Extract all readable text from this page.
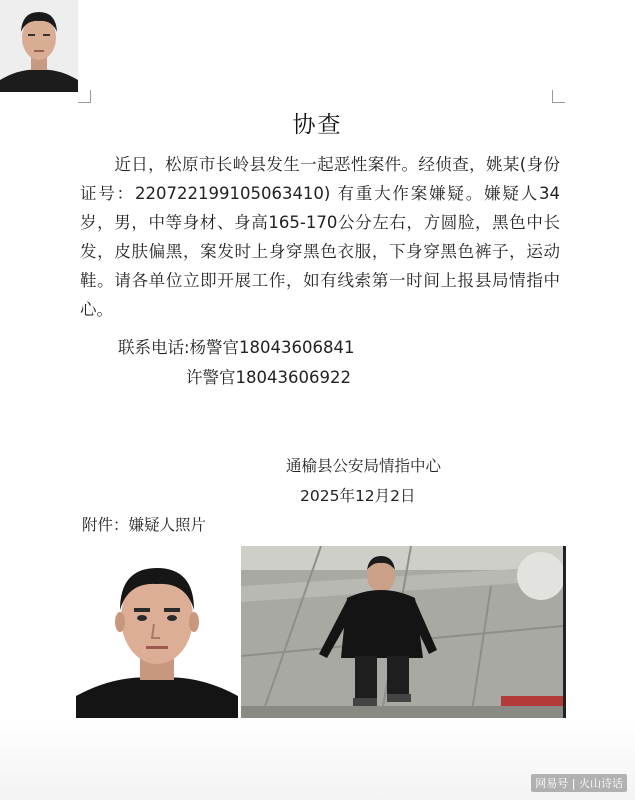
协查
近日，松原市长岭县发生一起恶性案件。经侦查，姚某(身份证号：220722199105063410) 有重大作案嫌疑。嫌疑人34岁，男，中等身材、身高165-170公分左右，方圆脸，黑色中长发，皮肤偏黑，案发时上身穿黑色衣服，下身穿黑色裤子，运动鞋。请各单位立即开展工作，如有线索第一时间上报县局情指中心。
联系电话:杨警官18043606841
许警官18043606922
通榆县公安局情指中心
2025年12月2日
附件：嫌疑人照片
网易号 | 火山诗话
